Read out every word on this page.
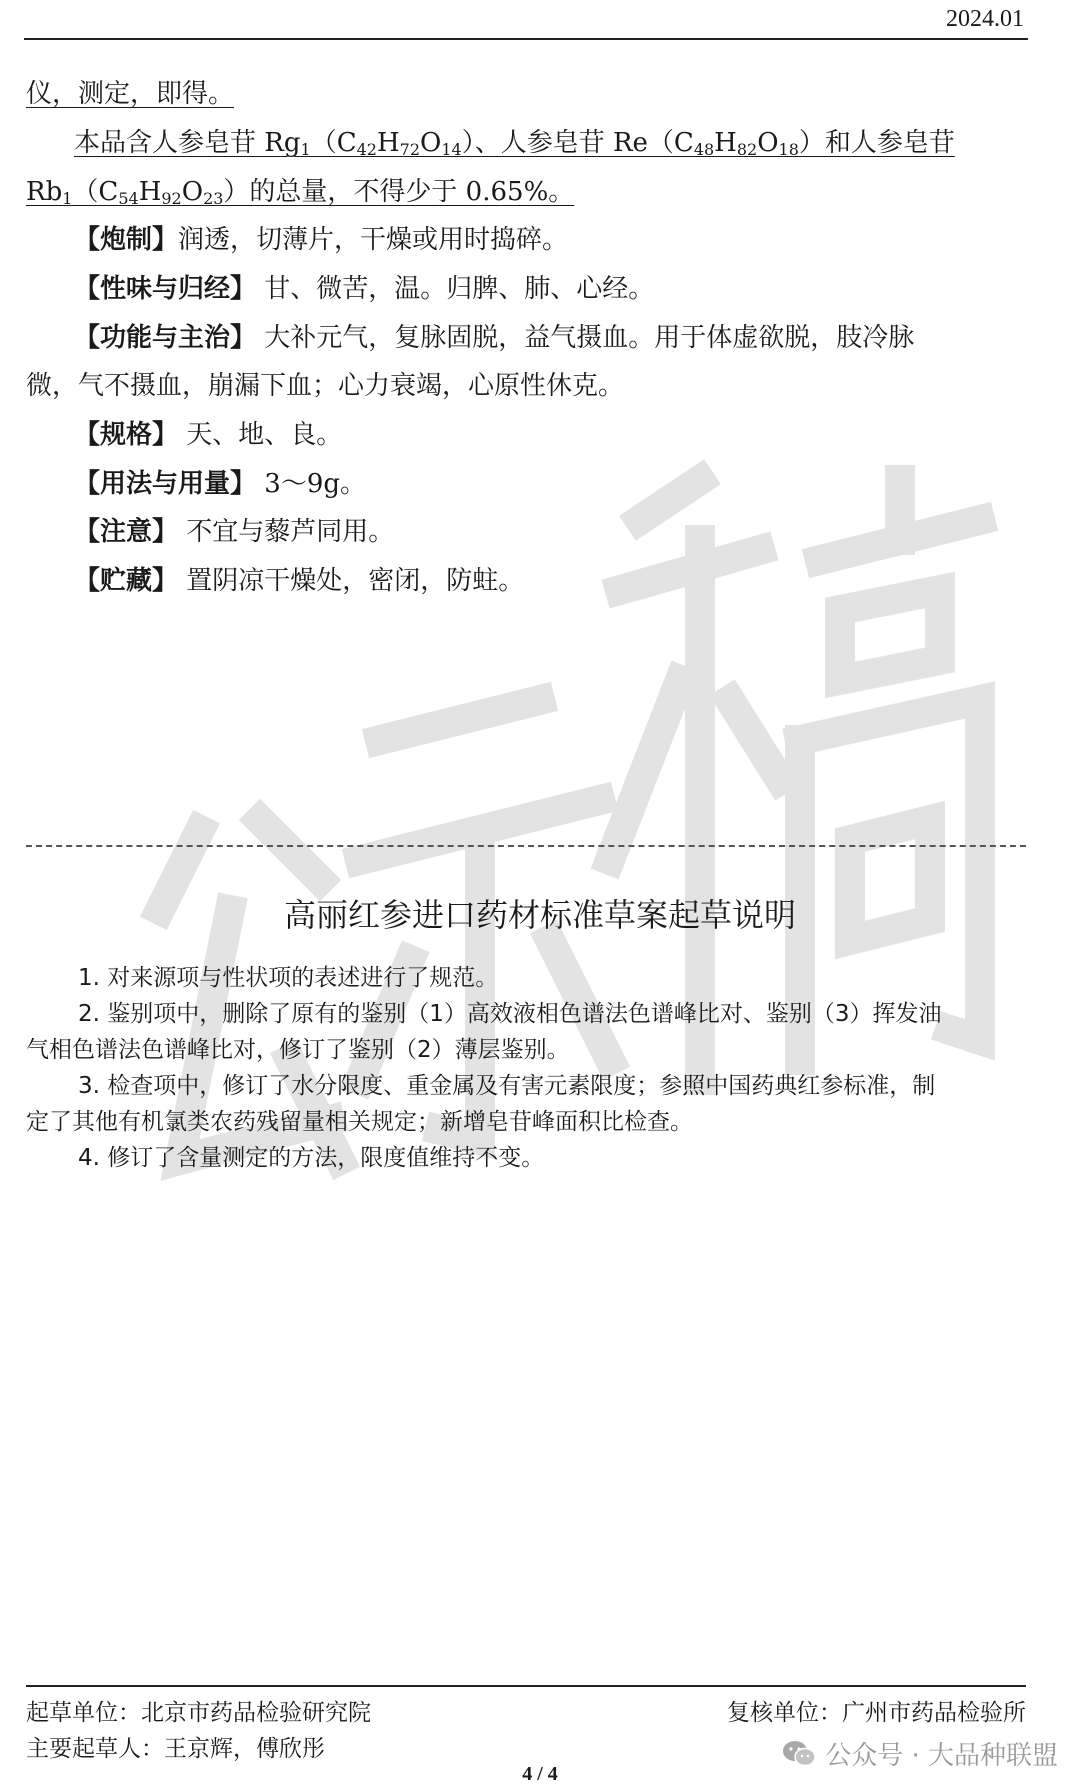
2024.01
仪，测定，即得。
本品含人参皂苷 $Rg_1(C_{42}H_{72}O_{14})$、人参皂苷 $Re(C_{48}H_{82}O_{18})$和人参皂苷
$Rb_1(C_{54}H_{92}O_{23})$的总量，不得少于 0.65%。
【炮制】润透，切薄片，干燥或用时捣碎。
【性味与归经】 甘、微苦，温。归脾、肺、心经。
【功能与主治】 大补元气，复脉固脱，益气摄血。用于体虚欲脱，肢冷脉
微，气不摄血，崩漏下血；心力衰竭，心原性休克。
【规格】 天、地、良。
【用法与用量】 3～9g。
【注意】 不宜与藜芦同用。
【贮藏】 置阴凉干燥处，密闭，防蛀。
高丽红参进口药材标准草案起草说明
1. 对来源项与性状项的表述进行了规范。
2. 鉴别项中，删除了原有的鉴别（1）高效液相色谱法色谱峰比对、鉴别（3）挥发油
气相色谱法色谱峰比对，修订了鉴别（2）薄层鉴别。
3. 检查项中，修订了水分限度、重金属及有害元素限度；参照中国药典红参标准，制
定了其他有机氯类农药残留量相关规定；新增皂苷峰面积比检查。
4. 修订了含量测定的方法，限度值维持不变。
起草单位：北京市药品检验研究院	复核单位：广州市药品检验所
主要起草人：王京辉，傅欣彤	公众号 · 大品种联盟
4 / 4
